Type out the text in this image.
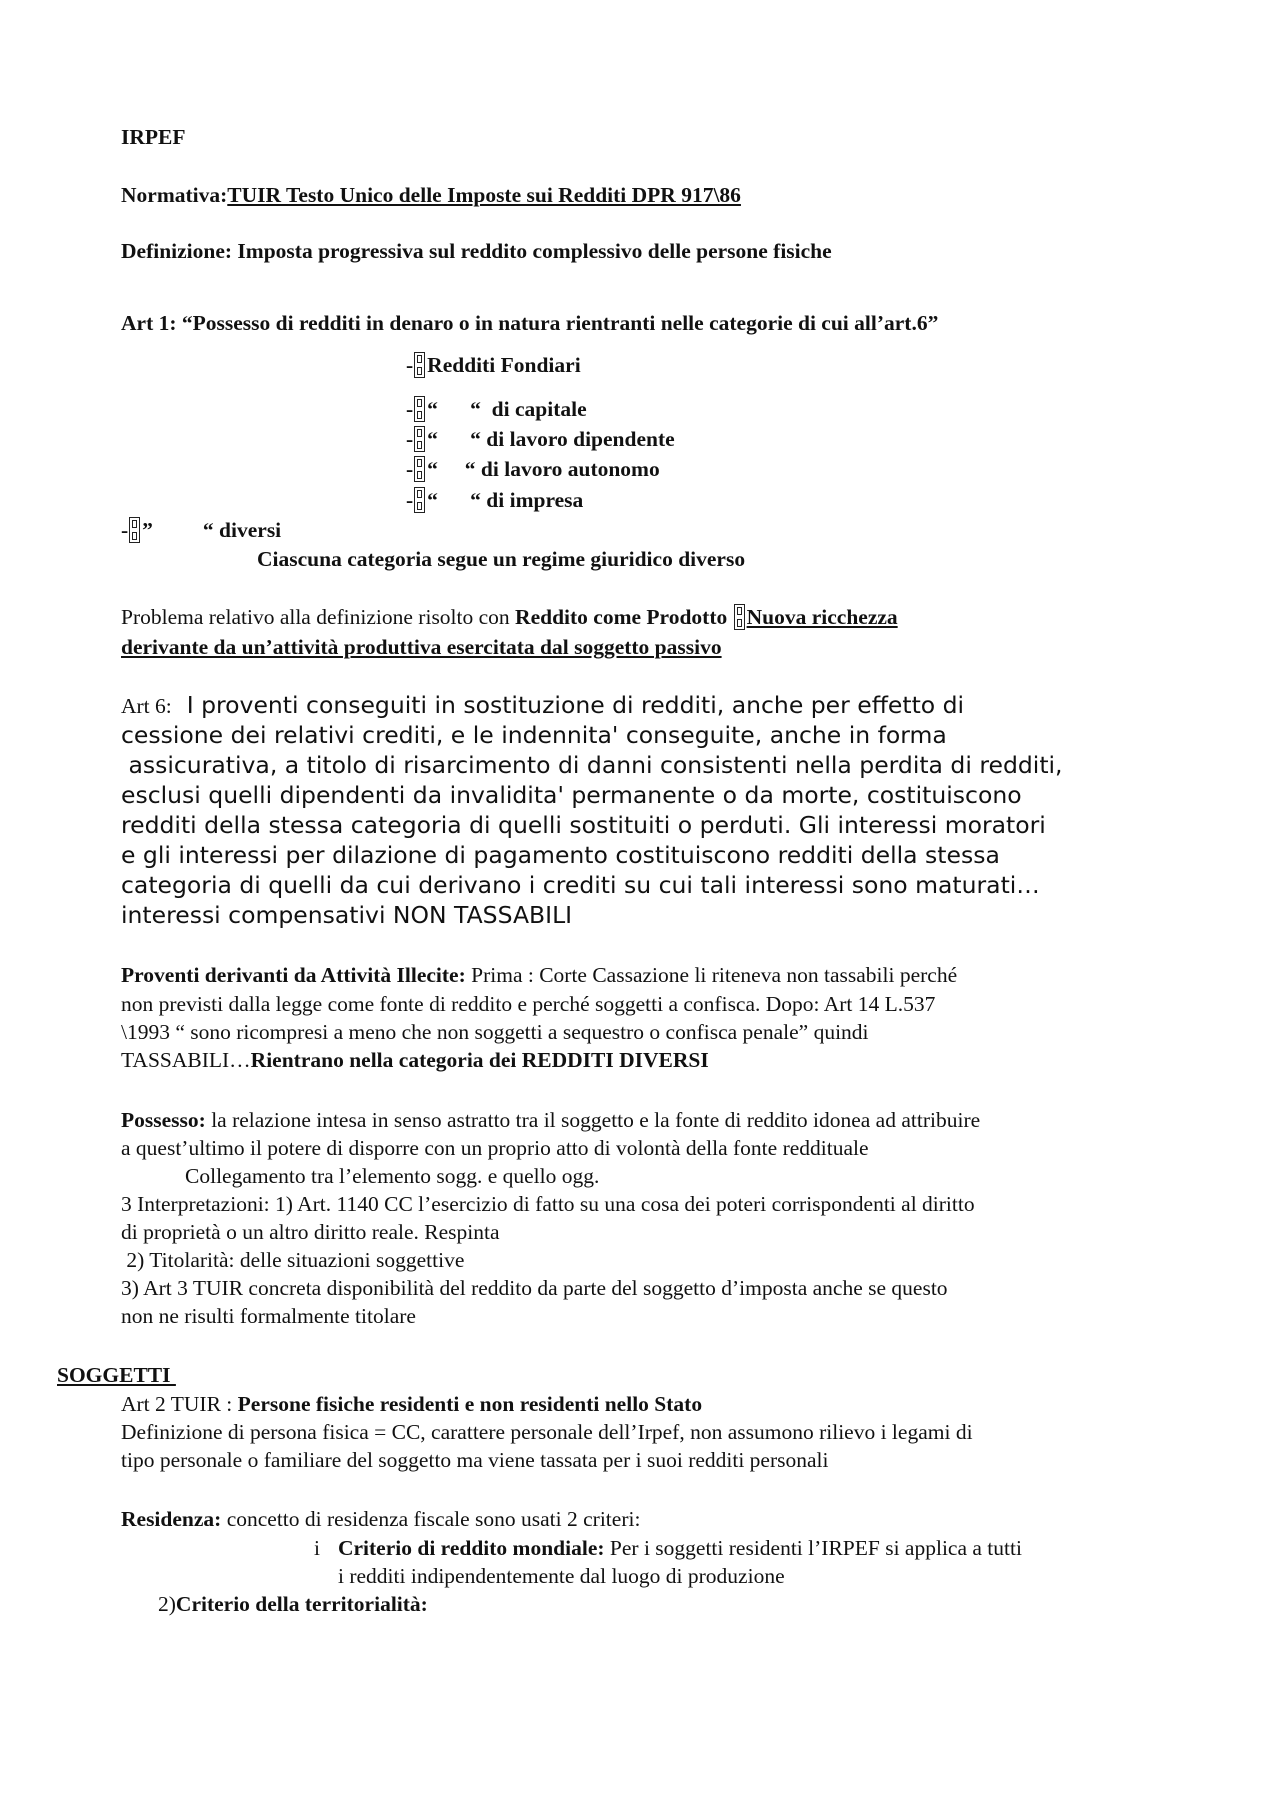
IRPEF
Normativa:TUIR Testo Unico delle Imposte sui Redditi DPR 917\86
Definizione: Imposta progressiva sul reddito complessivo delle persone fisiche
Art 1: “Possesso di redditi in denaro o in natura rientranti nelle categorie di cui all’art.6”
- Redditi Fondiari
- “      “  di capitale
- “      “ di lavoro dipendente
- “     “ di lavoro autonomo
- “      “ di impresa
- ” “ diversi
Ciascuna categoria segue un regime giuridico diverso
Problema relativo alla definizione risolto con Reddito come Prodotto Nuova ricchezza
derivante da un’attività produttiva esercitata dal soggetto passivo
Art 6:  I proventi conseguiti in sostituzione di redditi, anche per effetto di
cessione dei relativi crediti, e le indennita' conseguite, anche in forma
assicurativa, a titolo di risarcimento di danni consistenti nella perdita di redditi,
esclusi quelli dipendenti da invalidita' permanente o da morte, costituiscono
redditi della stessa categoria di quelli sostituiti o perduti. Gli interessi moratori
e gli interessi per dilazione di pagamento costituiscono redditi della stessa
categoria di quelli da cui derivano i crediti su cui tali interessi sono maturati…
interessi compensativi NON TASSABILI
Proventi derivanti da Attività Illecite: Prima : Corte Cassazione li riteneva non tassabili perché
non previsti dalla legge come fonte di reddito e perché soggetti a confisca. Dopo: Art 14 L.537
\1993 “ sono ricompresi a meno che non soggetti a sequestro o confisca penale” quindi
TASSABILI…Rientrano nella categoria dei REDDITI DIVERSI
Possesso: la relazione intesa in senso astratto tra il soggetto e la fonte di reddito idonea ad attribuire
a quest’ultimo il potere di disporre con un proprio atto di volontà della fonte reddituale
Collegamento tra l’elemento sogg. e quello ogg.
3 Interpretazioni: 1) Art. 1140 CC l’esercizio di fatto su una cosa dei poteri corrispondenti al diritto
di proprietà o un altro diritto reale. Respinta
2) Titolarità: delle situazioni soggettive
3) Art 3 TUIR concreta disponibilità del reddito da parte del soggetto d’imposta anche se questo
non ne risulti formalmente titolare
SOGGETTI
Art 2 TUIR : Persone fisiche residenti e non residenti nello Stato
Definizione di persona fisica = CC, carattere personale dell’Irpef, non assumono rilievo i legami di
tipo personale o familiare del soggetto ma viene tassata per i suoi redditi personali
Residenza: concetto di residenza fiscale sono usati 2 criteri:
i Criterio di reddito mondiale: Per i soggetti residenti l’IRPEF si applica a tutti
i redditi indipendentemente dal luogo di produzione
2)Criterio della territorialità:
